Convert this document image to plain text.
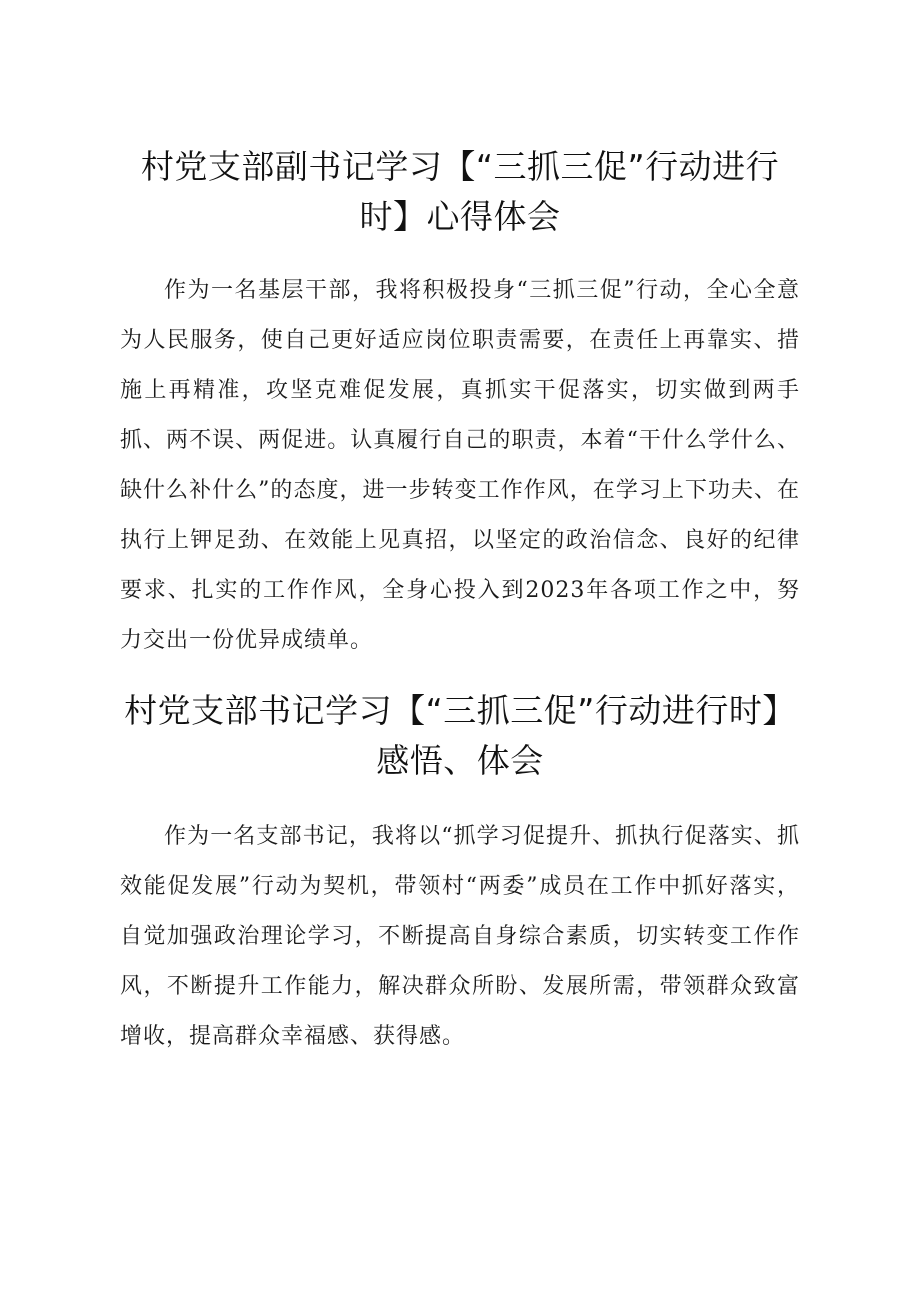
村党支部副书记学习【“三抓三促”行动进行时】心得体会

作为一名基层干部，我将积极投身“三抓三促”行动，全心全意为人民服务，使自己更好适应岗位职责需要，在责任上再靠实、措施上再精准，攻坚克难促发展，真抓实干促落实，切实做到两手抓、两不误、两促进。认真履行自己的职责，本着“干什么学什么、缺什么补什么”的态度，进一步转变工作作风，在学习上下功夫、在执行上钾足劲、在效能上见真招，以坚定的政治信念、良好的纪律要求、扎实的工作作风，全身心投入到2023年各项工作之中，努力交出一份优异成绩单。

村党支部书记学习【“三抓三促”行动进行时】感悟、体会

作为一名支部书记，我将以“抓学习促提升、抓执行促落实、抓效能促发展”行动为契机，带领村“两委”成员在工作中抓好落实，自觉加强政治理论学习，不断提高自身综合素质，切实转变工作作风，不断提升工作能力，解决群众所盼、发展所需，带领群众致富增收，提高群众幸福感、获得感。
